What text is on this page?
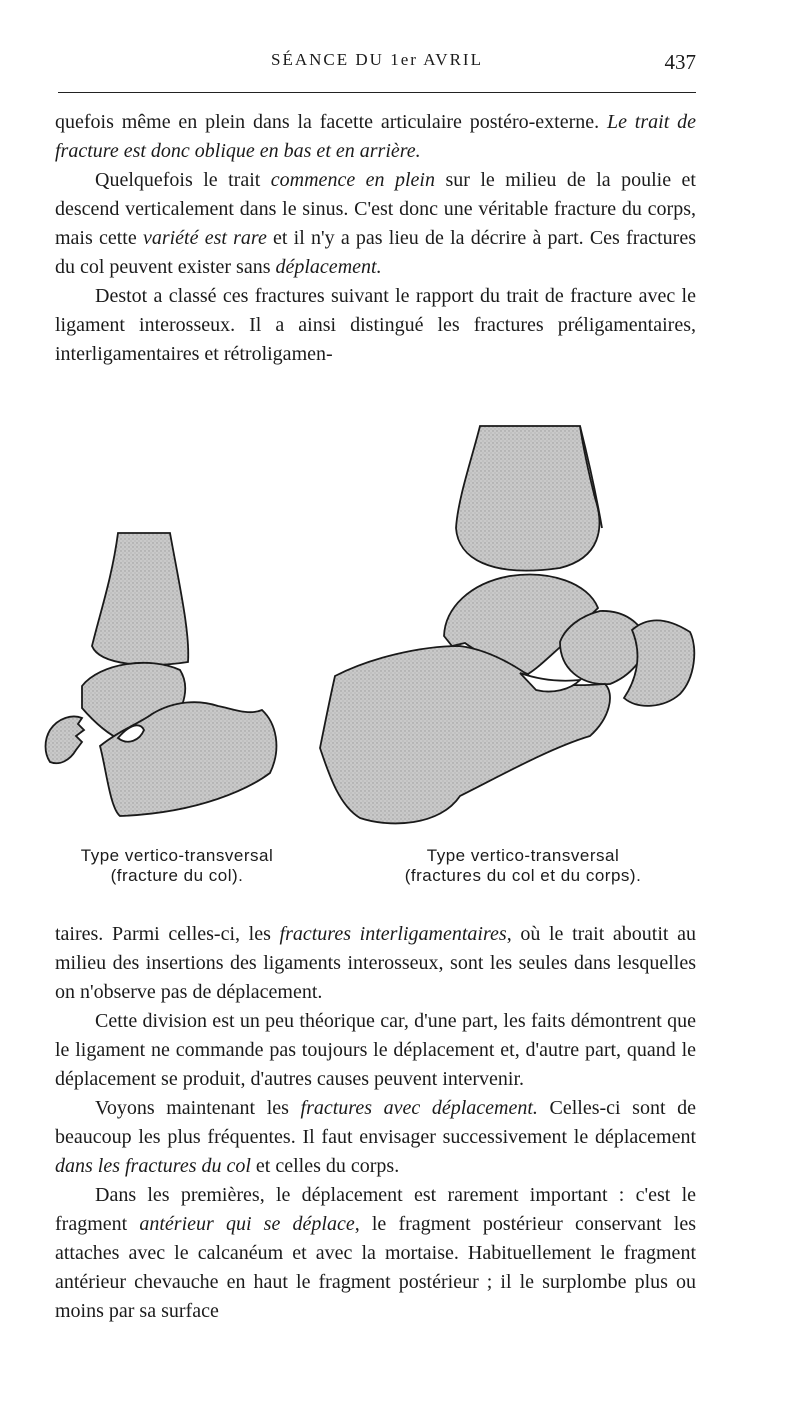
SÉANCE DU 1er AVRIL	437

quefois même en plein dans la facette articulaire postéro-externe. Le trait de fracture est donc oblique en bas et en arrière.

Quelquefois le trait commence en plein sur le milieu de la poulie et descend verticalement dans le sinus. C'est donc une véritable fracture du corps, mais cette variété est rare et il n'y a pas lieu de la décrire à part. Ces fractures du col peuvent exister sans déplacement.

Destot a classé ces fractures suivant le rapport du trait de fracture avec le ligament interosseux. Il a ainsi distingué les fractures préligamentaires, interligamentaires et rétroligamen-

Type vertico-transversal
(fracture du col).
Type vertico-transversal
(fractures du col et du corps).

taires. Parmi celles-ci, les fractures interligamentaires, où le trait aboutit au milieu des insertions des ligaments interosseux, sont les seules dans lesquelles on n'observe pas de déplacement.

Cette division est un peu théorique car, d'une part, les faits démontrent que le ligament ne commande pas toujours le déplacement et, d'autre part, quand le déplacement se produit, d'autres causes peuvent intervenir.

Voyons maintenant les fractures avec déplacement. Celles-ci sont de beaucoup les plus fréquentes. Il faut envisager successivement le déplacement dans les fractures du col et celles du corps.

Dans les premières, le déplacement est rarement important : c'est le fragment antérieur qui se déplace, le fragment postérieur conservant les attaches avec le calcanéum et avec la mortaise. Habituellement le fragment antérieur chevauche en haut le fragment postérieur ; il le surplombe plus ou moins par sa surface
